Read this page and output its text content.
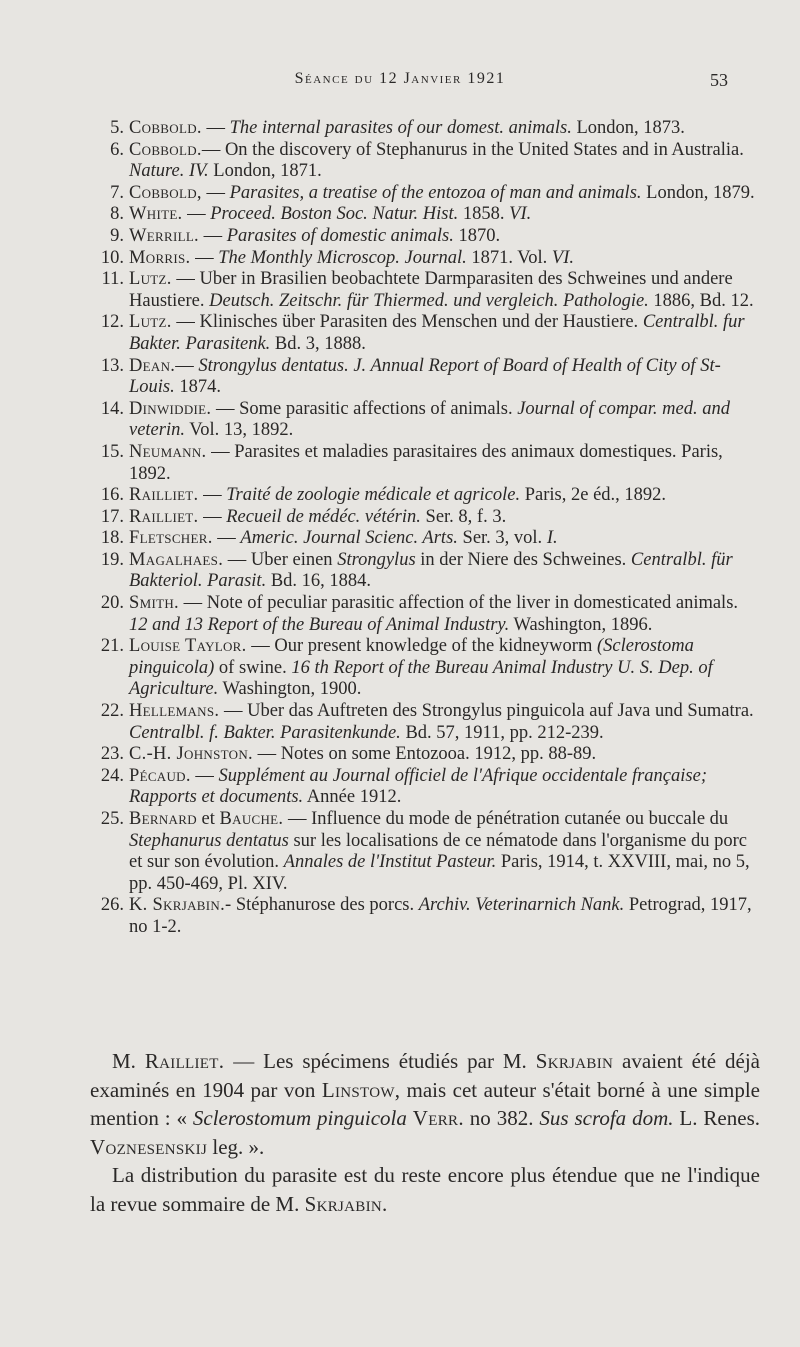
Séance du 12 Janvier 1921	53
5. Cobbold. — The internal parasites of our domest. animals. London, 1873.
6. Cobbold.— On the discovery of Stephanurus in the United States and in Australia. Nature. IV. London, 1871.
7. Cobbold, — Parasites, a treatise of the entozoa of man and animals. London, 1879.
8. White. — Proceed. Boston Soc. Natur. Hist. 1858. VI.
9. Werrill. — Parasites of domestic animals. 1870.
10. Morris. — The Monthly Microscop. Journal. 1871. Vol. VI.
11. Lutz. — Uber in Brasilien beobachtete Darmparasiten des Schweines und andere Haustiere. Deutsch. Zeitschr. für Thiermed. und vergleich. Pathologie. 1886, Bd. 12.
12. Lutz. — Klinisches über Parasiten des Menschen und der Haustiere. Centralbl. fur Bakter. Parasitenk. Bd. 3, 1888.
13. Dean.— Strongylus dentatus. J. Annual Report of Board of Health of City of St-Louis. 1874.
14. Dinwiddie. — Some parasitic affections of animals. Journal of compar. med. and veterin. Vol. 13, 1892.
15. Neumann. — Parasites et maladies parasitaires des animaux domestiques. Paris, 1892.
16. Railliet. — Traité de zoologie médicale et agricole. Paris, 2e éd., 1892.
17. Railliet. — Recueil de médéc. vétérin. Ser. 8, f. 3.
18. Fletscher. — Americ. Journal Scienc. Arts. Ser. 3, vol. I.
19. Magalhaes. — Uber einen Strongylus in der Niere des Schweines. Centralbl. für Bakteriol. Parasit. Bd. 16, 1884.
20. Smith. — Note of peculiar parasitic affection of the liver in domesticated animals. 12 and 13 Report of the Bureau of Animal Industry. Washington, 1896.
21. Louise Taylor. — Our present knowledge of the kidneyworm (Sclerostoma pinguicola) of swine. 16 th Report of the Bureau Animal Industry U. S. Dep. of Agriculture. Washington, 1900.
22. Hellemans. — Uber das Auftreten des Strongylus pinguicola auf Java und Sumatra. Centralbl. f. Bakter. Parasitenkunde. Bd. 57, 1911, pp. 212-239.
23. C.-H. Johnston. — Notes on some Entozooa. 1912, pp. 88-89.
24. Pécaud. — Supplément au Journal officiel de l'Afrique occidentale française; Rapports et documents. Année 1912.
25. Bernard et Bauche. — Influence du mode de pénétration cutanée ou buccale du Stephanurus dentatus sur les localisations de ce nématode dans l'organisme du porc et sur son évolution. Annales de l'Institut Pasteur. Paris, 1914, t. XXVIII, mai, no 5, pp. 450-469, Pl. XIV.
26. K. Skrjabin.- Stéphanurose des porcs. Archiv. Veterinarnich Nank. Petrograd, 1917, no 1-2.

M. Railliet. — Les spécimens étudiés par M. Skrjabin avaient été déjà examinés en 1904 par von Linstow, mais cet auteur s'était borné à une simple mention : « Sclerostomum pinguicola Verr. no 382. Sus scrofa dom. L. Renes. Voznesenskij leg. ».

La distribution du parasite est du reste encore plus étendue que ne l'indique la revue sommaire de M. Skrjabin.
